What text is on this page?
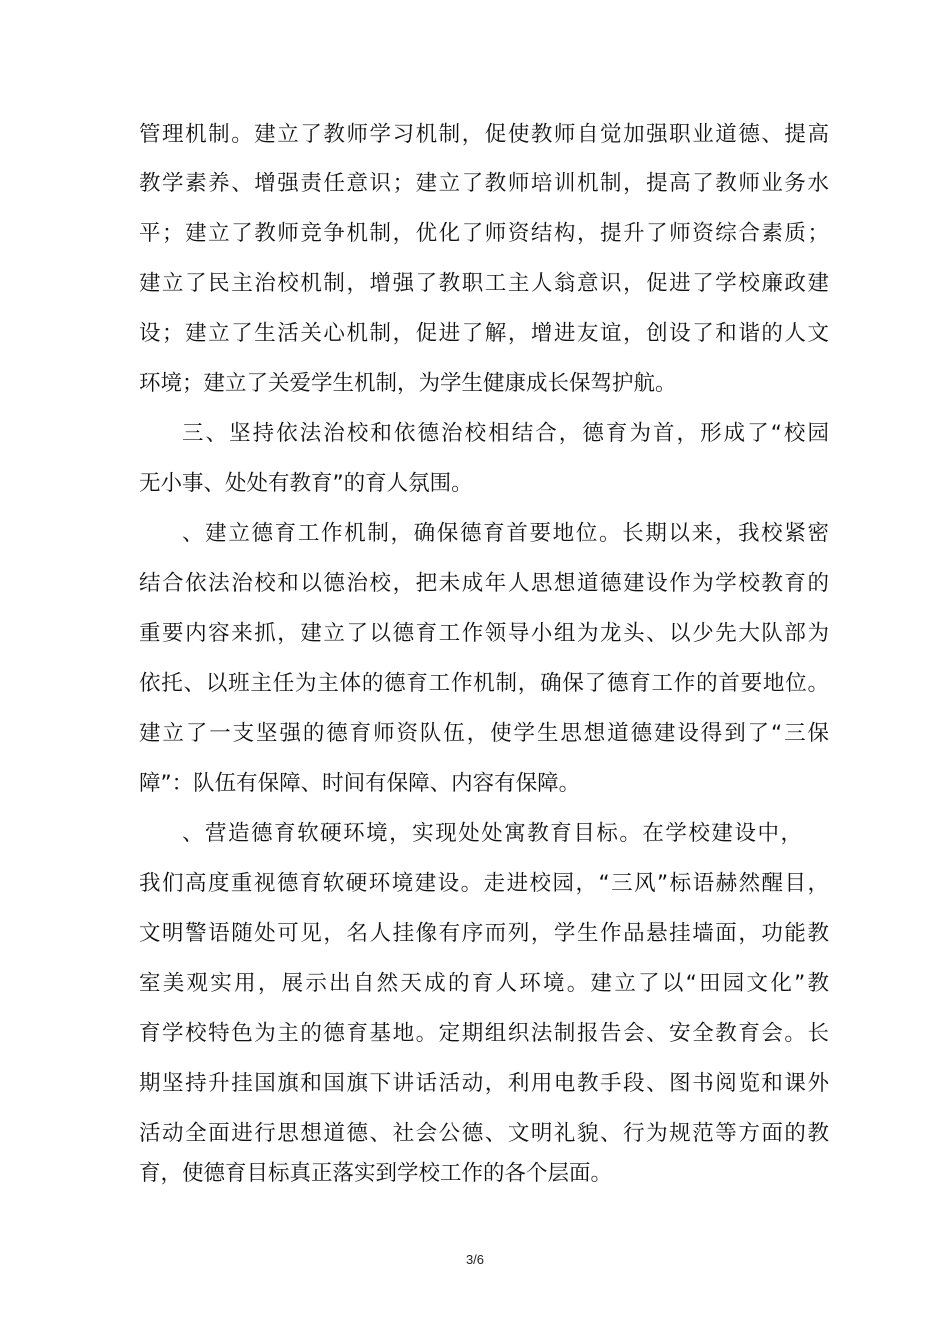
管理机制。建立了教师学习机制，促使教师自觉加强职业道德、提高
教学素养、增强责任意识；建立了教师培训机制，提高了教师业务水
平；建立了教师竞争机制，优化了师资结构，提升了师资综合素质；
建立了民主治校机制，增强了教职工主人翁意识，促进了学校廉政建
设；建立了生活关心机制，促进了解，增进友谊，创设了和谐的人文
环境；建立了关爱学生机制，为学生健康成长保驾护航。
三、坚持依法治校和依德治校相结合，德育为首，形成了“校园
无小事、处处有教育”的育人氛围。
、建立德育工作机制，确保德育首要地位。长期以来，我校紧密
结合依法治校和以德治校，把未成年人思想道德建设作为学校教育的
重要内容来抓，建立了以德育工作领导小组为龙头、以少先大队部为
依托、以班主任为主体的德育工作机制，确保了德育工作的首要地位。
建立了一支坚强的德育师资队伍，使学生思想道德建设得到了“三保
障”：队伍有保障、时间有保障、内容有保障。
、营造德育软硬环境，实现处处寓教育目标。在学校建设中，
我们高度重视德育软硬环境建设。走进校园，“三风”标语赫然醒目，
文明警语随处可见，名人挂像有序而列，学生作品悬挂墙面，功能教
室美观实用，展示出自然天成的育人环境。建立了以“田园文化”教
育学校特色为主的德育基地。定期组织法制报告会、安全教育会。长
期坚持升挂国旗和国旗下讲话活动，利用电教手段、图书阅览和课外
活动全面进行思想道德、社会公德、文明礼貌、行为规范等方面的教
育，使德育目标真正落实到学校工作的各个层面。
3/6
